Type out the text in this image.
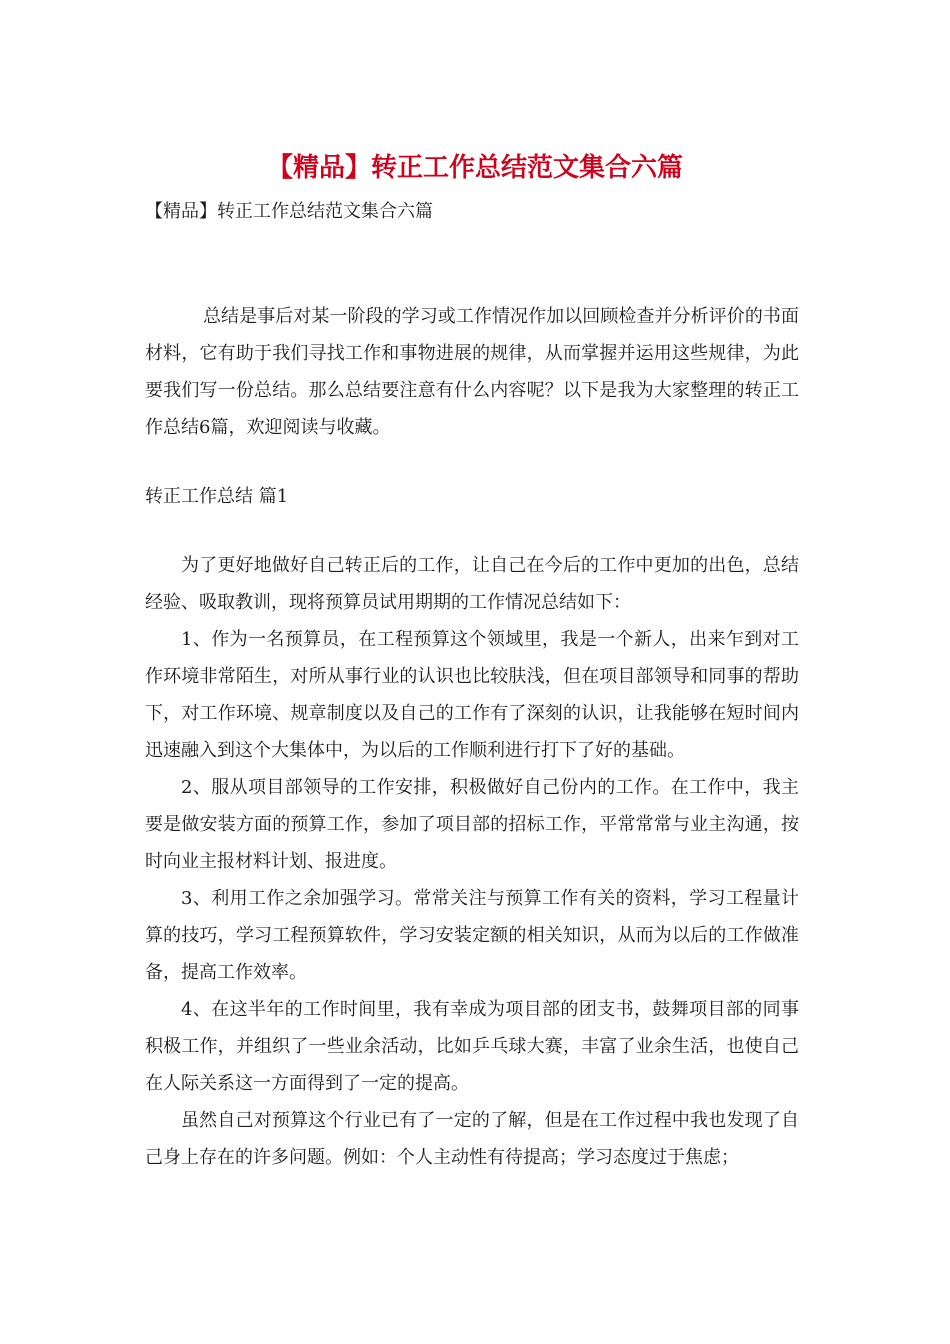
【精品】转正工作总结范文集合六篇
【精品】转正工作总结范文集合六篇

总结是事后对某一阶段的学习或工作情况作加以回顾检查并分析评价的书面材料，它有助于我们寻找工作和事物进展的规律，从而掌握并运用这些规律，为此要我们写一份总结。那么总结要注意有什么内容呢？以下是我为大家整理的转正工作总结6篇，欢迎阅读与收藏。

转正工作总结 篇1

为了更好地做好自己转正后的工作，让自己在今后的工作中更加的出色，总结经验、吸取教训，现将预算员试用期期的工作情况总结如下：

1、作为一名预算员，在工程预算这个领域里，我是一个新人，出来乍到对工作环境非常陌生，对所从事行业的认识也比较肤浅，但在项目部领导和同事的帮助下，对工作环境、规章制度以及自己的工作有了深刻的认识，让我能够在短时间内迅速融入到这个大集体中，为以后的工作顺利进行打下了好的基础。

2、服从项目部领导的工作安排，积极做好自己份内的工作。在工作中，我主要是做安装方面的预算工作，参加了项目部的招标工作，平常常常与业主沟通，按时向业主报材料计划、报进度。

3、利用工作之余加强学习。常常关注与预算工作有关的资料，学习工程量计算的技巧，学习工程预算软件，学习安装定额的相关知识，从而为以后的工作做准备，提高工作效率。

4、在这半年的工作时间里，我有幸成为项目部的团支书，鼓舞项目部的同事积极工作，并组织了一些业余活动，比如乒乓球大赛，丰富了业余生活，也使自己在人际关系这一方面得到了一定的提高。

虽然自己对预算这个行业已有了一定的了解，但是在工作过程中我也发现了自己身上存在的许多问题。例如：个人主动性有待提高；学习态度过于焦虑；
